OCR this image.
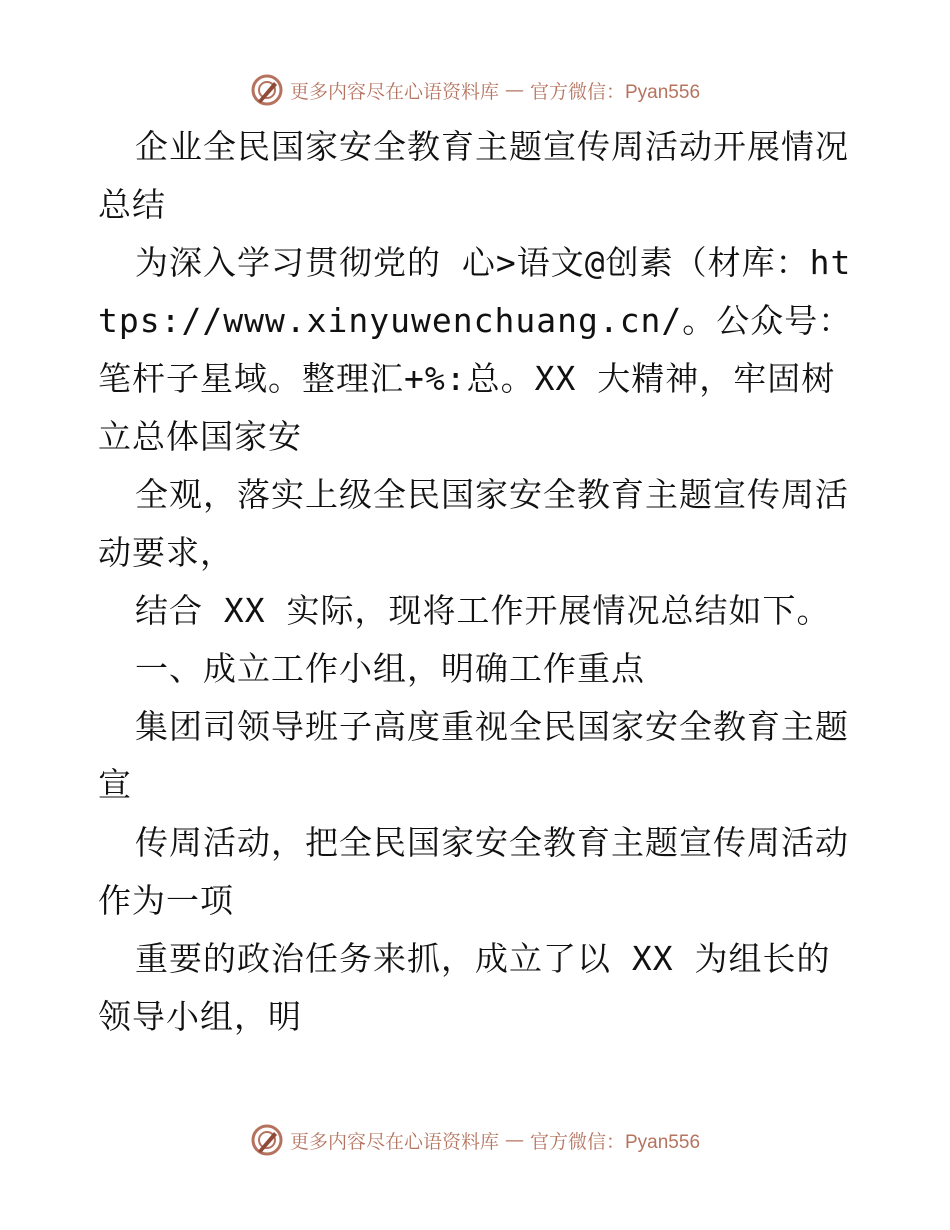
更多内容尽在心语资料库 — 官方微信：Pyan556

企业全民国家安全教育主题宣传周活动开展情况总结

为深入学习贯彻党的 心>语文@创素（材库：https://www.xinyuwenchuang.cn/。公众号：笔杆子星域。整理汇+%:总。XX 大精神，牢固树立总体国家安

全观，落实上级全民国家安全教育主题宣传周活动要求，

结合 XX 实际，现将工作开展情况总结如下。

一、成立工作小组，明确工作重点

集团司领导班子高度重视全民国家安全教育主题宣

传周活动，把全民国家安全教育主题宣传周活动作为一项

重要的政治任务来抓，成立了以 XX 为组长的领导小组，明

更多内容尽在心语资料库 — 官方微信：Pyan556
